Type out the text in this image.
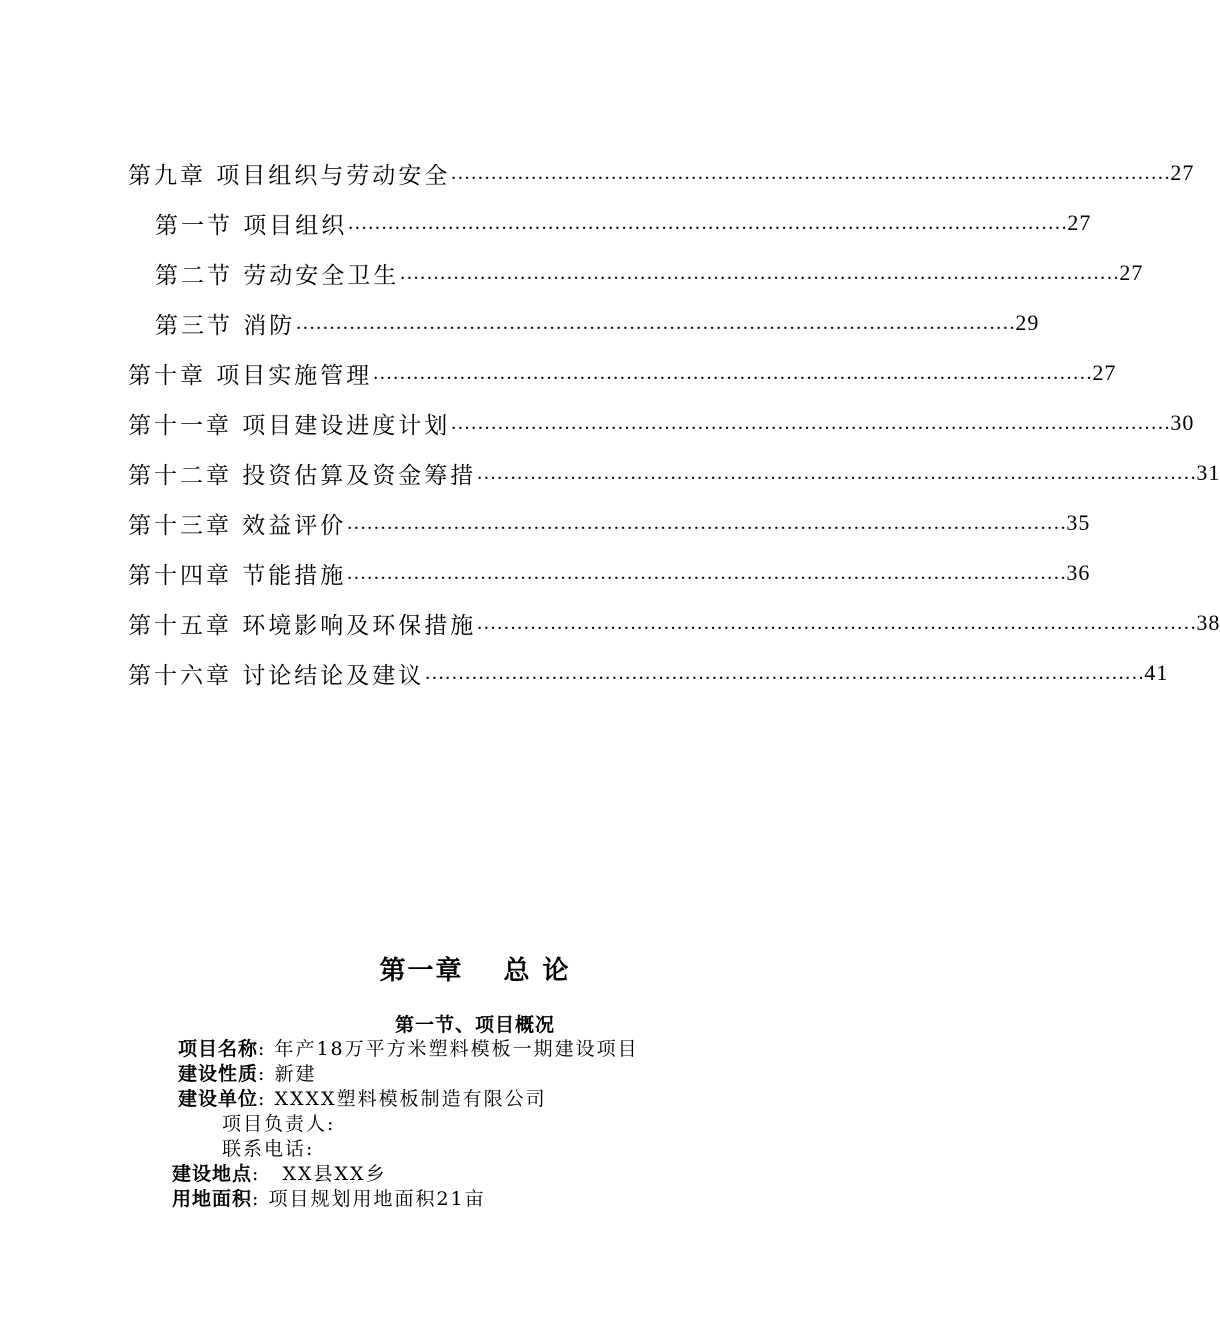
第九章 项目组织与劳动安全 ……………………………………………………………………………………………… 27
第一节 项目组织 ……………………………………………………………………………………………… 27
第二节 劳动安全卫生 ……………………………………………………………………………………………… 27
第三节 消防 ……………………………………………………………………………………………… 29
第十章 项目实施管理 ……………………………………………………………………………………………… 27
第十一章 项目建设进度计划 ……………………………………………………………………………………………… 30
第十二章 投资估算及资金筹措 ……………………………………………………………………………………………… 31
第十三章 效益评价 ……………………………………………………………………………………………… 35
第十四章 节能措施 ……………………………………………………………………………………………… 36
第十五章 环境影响及环保措施 ……………………………………………………………………………………………… 38
第十六章 讨论结论及建议 ……………………………………………………………………………………………… 41
第一章 总 论
第一节、项目概况
项目名称: 年产18万平方米塑料模板一期建设项目
建设性质: 新建
建设单位: XXXX塑料模板制造有限公司
项目负责人:
联系电话:
建设地点: XX县XX乡
用地面积: 项目规划用地面积21亩
